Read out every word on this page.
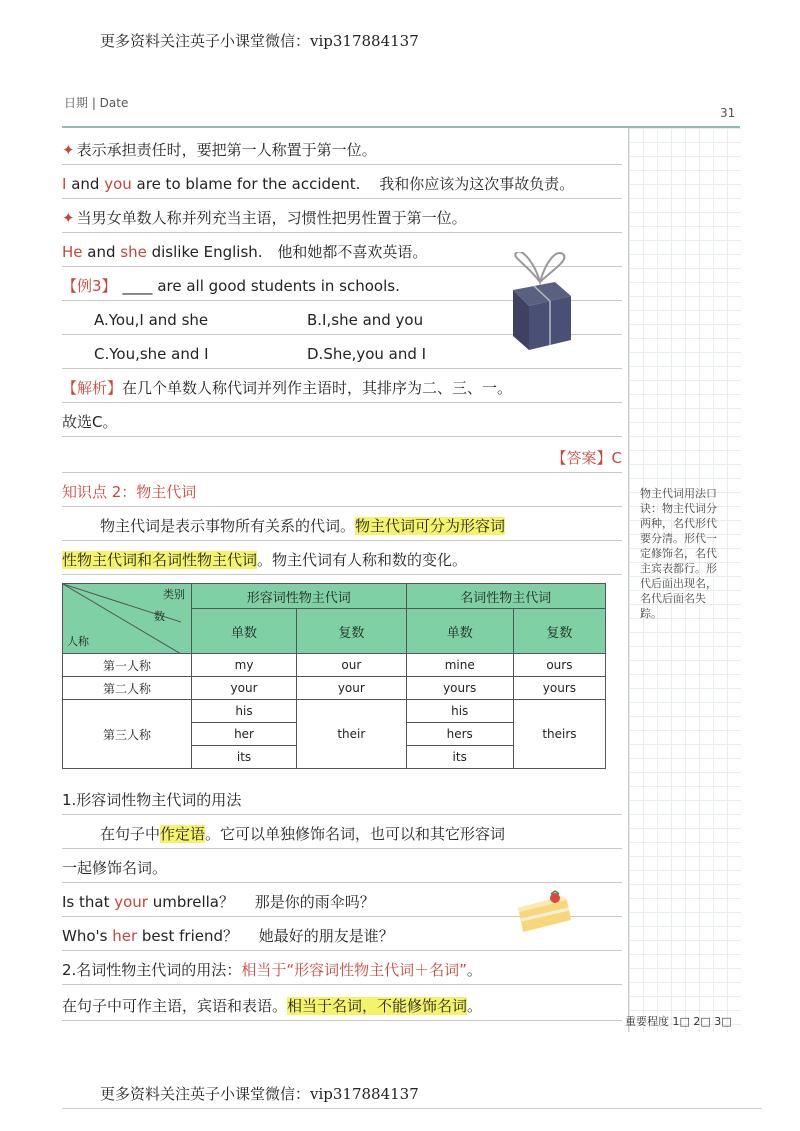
更多资料关注英子小课堂微信：vip317884137
日期 | Date
31
✦ 表示承担责任时，要把第一人称置于第一位。
I and you are to blame for the accident. 我和你应该为这次事故负责。
✦ 当男女单数人称并列充当主语，习惯性把男性置于第一位。
He and she dislike English. 他和她都不喜欢英语。
【例3】 ____ are all good students in schools.
A.You,I and she	B.I,she and you
C.You,she and I	D.She,you and I
【解析】在几个单数人称代词并列作主语时，其排序为二、三、一。
故选C。
【答案】C
知识点 2：物主代词
物主代词是表示事物所有关系的代词。物主代词可分为形容词
性物主代词和名词性物主代词。物主代词有人称和数的变化。
1.形容词性物主代词的用法
在句子中作定语。它可以单独修饰名词，也可以和其它形容词
一起修饰名词。
Is that your umbrella？ 那是你的雨伞吗？
Who's her best friend？ 她最好的朋友是谁？
2.名词性物主代词的用法：相当于“形容词性物主代词＋名词”。
在句子中可作主语，宾语和表语。相当于名词，不能修饰名词。
类别
数
人称	形容词性物主代词		名词性物主代词	
	单数	复数	单数	复数
第一人称	my	our	mine	ours
第二人称	your	your	yours	yours
第三人称	his	their	his	theirs
	her		hers	
	its		its	
物主代词用法口诀：物主代词分两种，名代形代要分清。形代一定修饰名，名代主宾表都行。形代后面出现名，名代后面名失踪。
重要程度 1□ 2□ 3□
更多资料关注英子小课堂微信：vip317884137
